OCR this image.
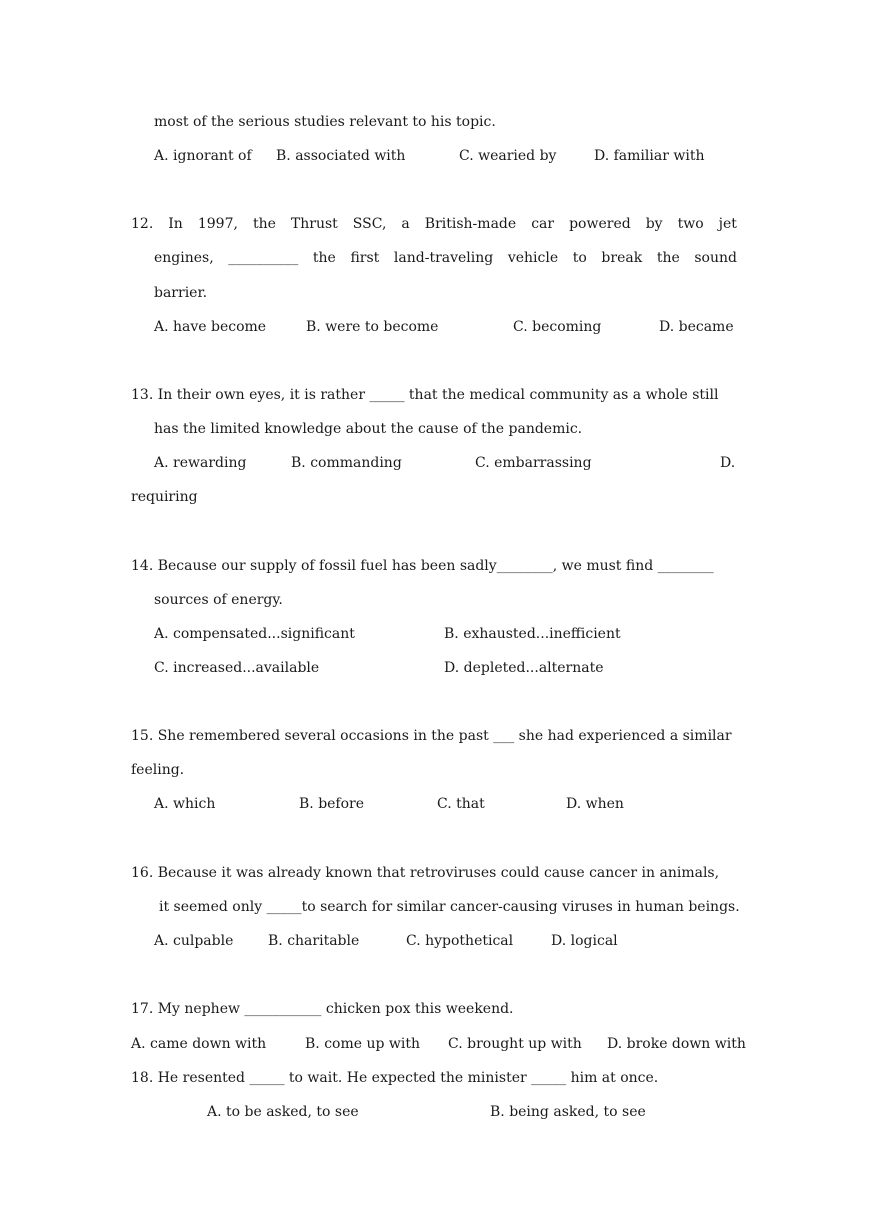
most of the serious studies relevant to his topic.
A. ignorant of B. associated with	C. wearied by	D. familiar with
12. In 1997, the Thrust SSC, a British-made car powered by two jet
engines, __________ the first land-traveling vehicle to break the sound
barrier.
A. have become	B. were to become	C. becoming	D. became
13. In their own eyes, it is rather _____ that the medical community as a whole still
has the limited knowledge about the cause of the pandemic.
A. rewarding	B. commanding	C. embarrassing	D.
requiring
14. Because our supply of fossil fuel has been sadly________, we must find ________
sources of energy.
A. compensated...significant	B. exhausted...inefficient
C. increased...available	D. depleted...alternate
15. She remembered several occasions in the past ___ she had experienced a similar
feeling.
A. which	B. before	C. that	D. when
16. Because it was already known that retroviruses could cause cancer in animals,
it seemed only _____to search for similar cancer-causing viruses in human beings.
A. culpable B. charitable	C. hypothetical	D. logical
17. My nephew ___________ chicken pox this weekend.
A. came down with	B. come up with C. brought up with D. broke down with
18. He resented _____ to wait. He expected the minister _____ him at once.
A. to be asked, to see	B. being asked, to see
